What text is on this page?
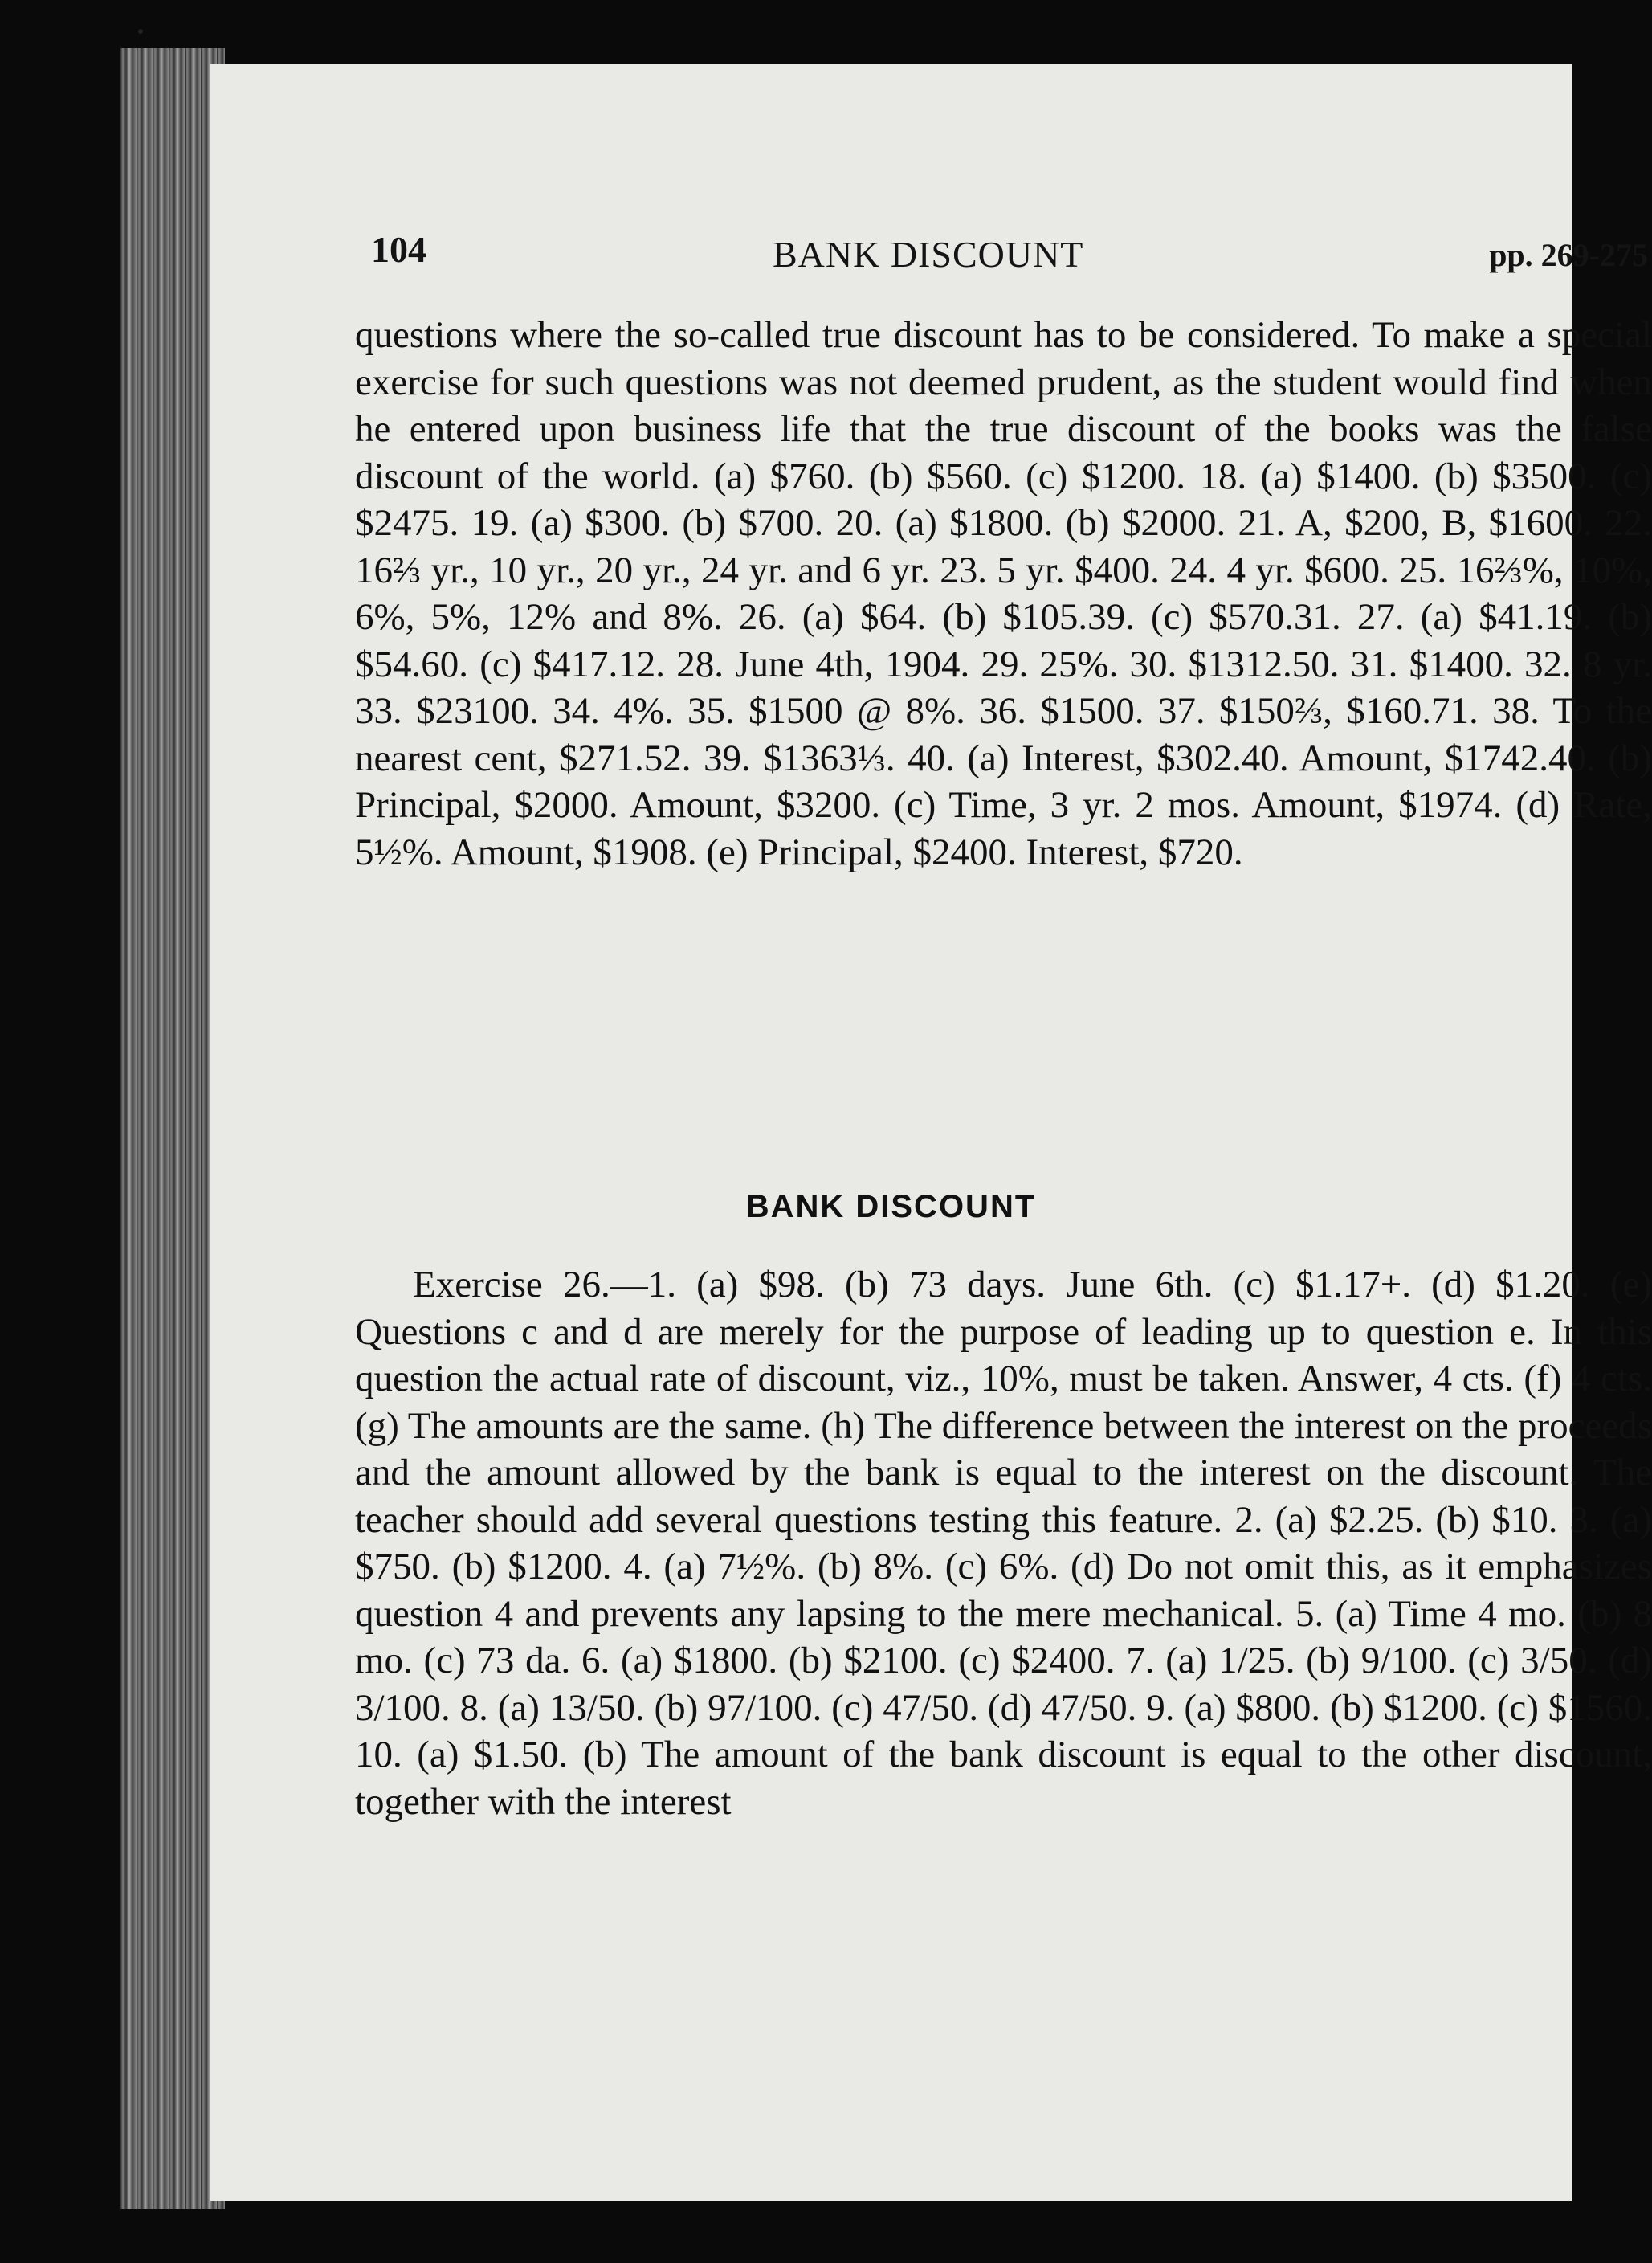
104	BANK DISCOUNT	pp. 269-275

questions where the so-called true discount has to be considered. To make a special exercise for such questions was not deemed prudent, as the student would find when he entered upon business life that the true discount of the books was the false discount of the world. (a) $760. (b) $560. (c) $1200. 18. (a) $1400. (b) $3500. (c) $2475. 19. (a) $300. (b) $700. 20. (a) $1800. (b) $2000. 21. A, $200, B, $1600. 22. 16⅔ yr., 10 yr., 20 yr., 24 yr. and 6 yr. 23. 5 yr. $400. 24. 4 yr. $600. 25. 16⅔%, 10%, 6%, 5%, 12% and 8%. 26. (a) $64. (b) $105.39. (c) $570.31. 27. (a) $41.19. (b) $54.60. (c) $417.12. 28. June 4th, 1904. 29. 25%. 30. $1312.50. 31. $1400. 32. 8 yr. 33. $23100. 34. 4%. 35. $1500 @ 8%. 36. $1500. 37. $150⅔, $160.71. 38. To the nearest cent, $271.52. 39. $1363⅓. 40. (a) Interest, $302.40. Amount, $1742.40. (b) Principal, $2000. Amount, $3200. (c) Time, 3 yr. 2 mos. Amount, $1974. (d) Rate, 5½%. Amount, $1908. (e) Principal, $2400. Interest, $720.

BANK DISCOUNT

Exercise 26.—1. (a) $98. (b) 73 days. June 6th. (c) $1.17+. (d) $1.20. (e) Questions c and d are merely for the purpose of leading up to question e. In this question the actual rate of discount, viz., 10%, must be taken. Answer, 4 cts. (f) 4 cts. (g) The amounts are the same. (h) The difference between the interest on the proceeds and the amount allowed by the bank is equal to the interest on the discount. The teacher should add several questions testing this feature. 2. (a) $2.25. (b) $10. 3. (a) $750. (b) $1200. 4. (a) 7½%. (b) 8%. (c) 6%. (d) Do not omit this, as it emphasizes question 4 and prevents any lapsing to the mere mechanical. 5. (a) Time 4 mo. (b) 8 mo. (c) 73 da. 6. (a) $1800. (b) $2100. (c) $2400. 7. (a) 1/25. (b) 9/100. (c) 3/50. (d) 3/100. 8. (a) 13/50. (b) 97/100. (c) 47/50. (d) 47/50. 9. (a) $800. (b) $1200. (c) $1560. 10. (a) $1.50. (b) The amount of the bank discount is equal to the other discount, together with the interest
